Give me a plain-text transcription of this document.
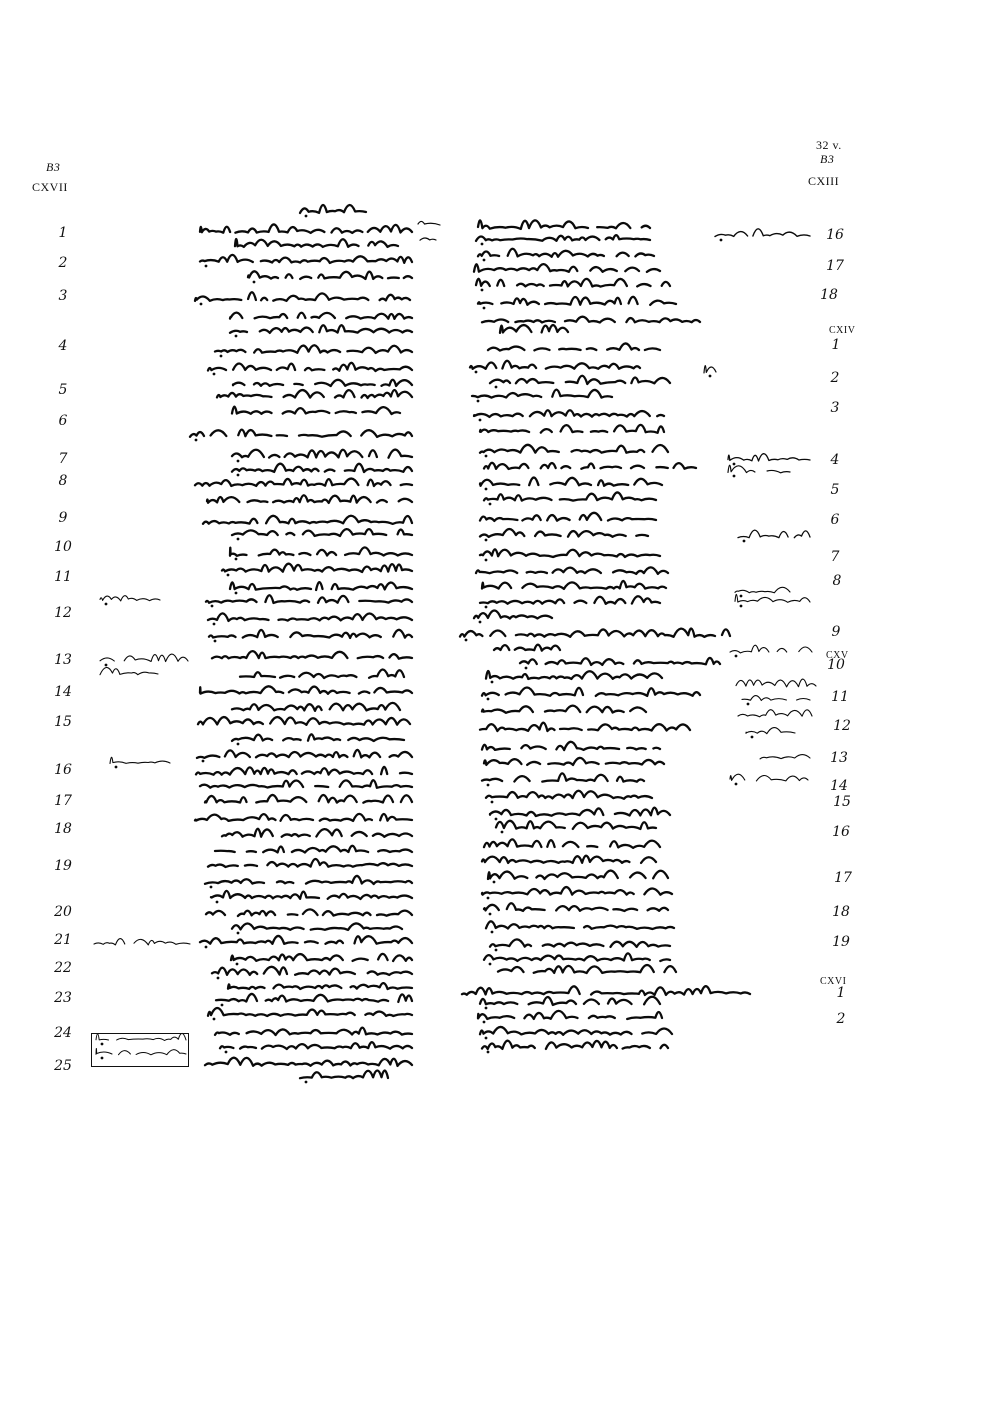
32 v.
B3
B3
CXVII	CXIII
CXIV
CXV
CXVI
1
2
3
4
5
6
7
8
9
10
11
12
13
14
15
16
17
18
19
20
21
22
23
24
25
16
17
18
1
2
3
4
5
6
7
8
9
10
11
12
13
14
15
16
17
18
19
1
2
